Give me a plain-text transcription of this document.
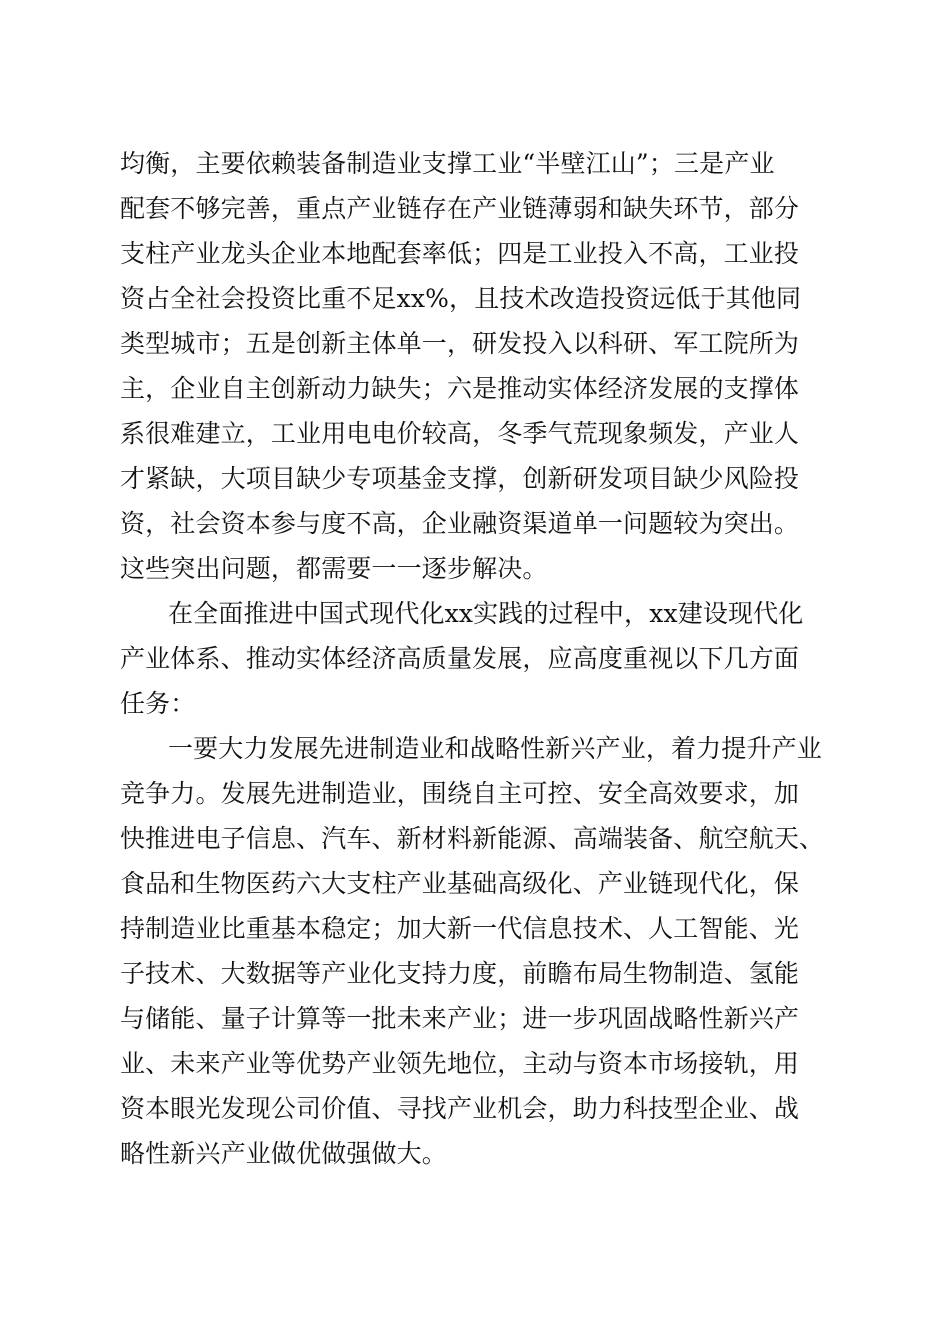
均衡，主要依赖装备制造业支撑工业“半壁江山”；三是产业
配套不够完善，重点产业链存在产业链薄弱和缺失环节，部分
支柱产业龙头企业本地配套率低；四是工业投入不高，工业投
资占全社会投资比重不足xx%，且技术改造投资远低于其他同
类型城市；五是创新主体单一，研发投入以科研、军工院所为
主，企业自主创新动力缺失；六是推动实体经济发展的支撑体
系很难建立，工业用电电价较高，冬季气荒现象频发，产业人
才紧缺，大项目缺少专项基金支撑，创新研发项目缺少风险投
资，社会资本参与度不高，企业融资渠道单一问题较为突出。
这些突出问题，都需要一一逐步解决。
在全面推进中国式现代化xx实践的过程中，xx建设现代化
产业体系、推动实体经济高质量发展，应高度重视以下几方面
任务：
一要大力发展先进制造业和战略性新兴产业，着力提升产业
竞争力。发展先进制造业，围绕自主可控、安全高效要求，加
快推进电子信息、汽车、新材料新能源、高端装备、航空航天、
食品和生物医药六大支柱产业基础高级化、产业链现代化，保
持制造业比重基本稳定；加大新一代信息技术、人工智能、光
子技术、大数据等产业化支持力度，前瞻布局生物制造、氢能
与储能、量子计算等一批未来产业；进一步巩固战略性新兴产
业、未来产业等优势产业领先地位，主动与资本市场接轨，用
资本眼光发现公司价值、寻找产业机会，助力科技型企业、战
略性新兴产业做优做强做大。
